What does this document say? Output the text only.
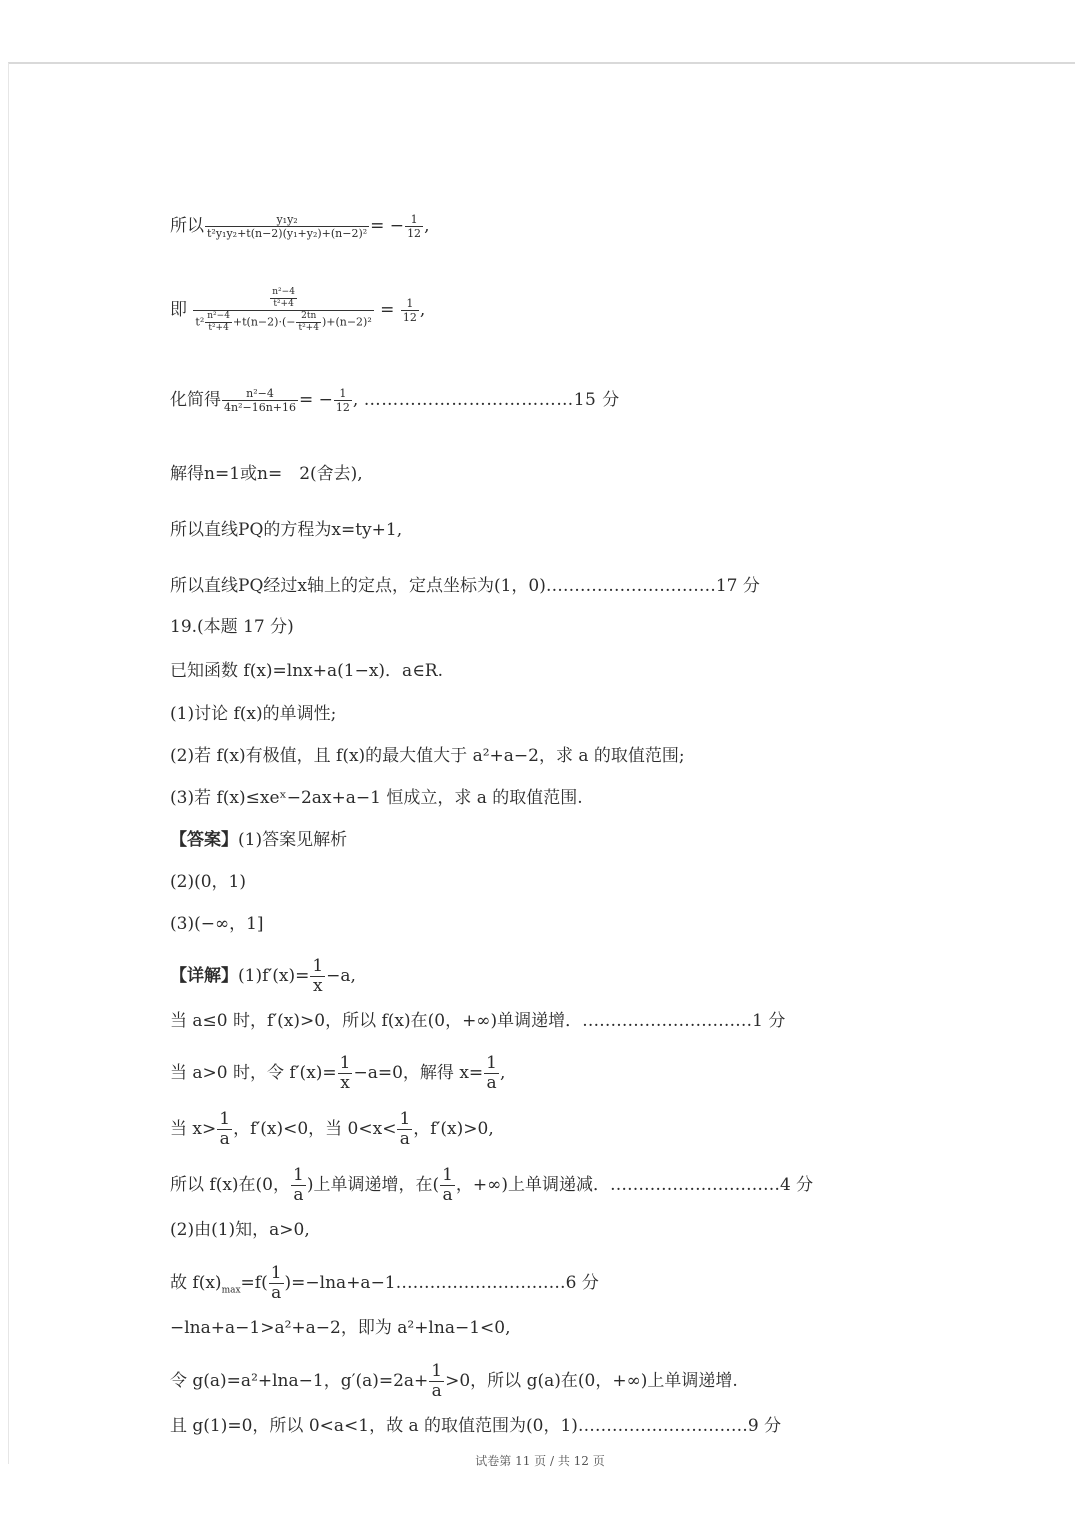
所以 $\frac{\text{y₁y₂}}{\text{t²y₁y₂+t(n−2)(y₁+y₂)+(n−2)²}}$ = − $\frac{1}{12}$ ,
即 $\frac{\frac{\text{n²−4}}{\text{t²+4}}}{t^2 \frac{\text{n²−4}}{\text{t²+4}} +t(n-2)\cdot(- \frac{2tn}{\text{t²+4}} )+(n-2)^2} = \frac{1}{12}$ ,
化简得 $\frac{\text{n²−4}}{\text{4n²−16n+16}}$ = − $\frac{1}{12}$ , ………………………………15 分
解得n=1或n=　2(舍去),
所以直线PQ的方程为x=ty+1,
所以直线PQ经过x轴上的定点，定点坐标为(1，0)…………………………17 分
19.(本题 17 分)
已知函数 f(x)=lnx+a(1−x)．a∈R.
(1)讨论 f(x)的单调性;
(2)若 f(x)有极值，且 f(x)的最大值大于 a²+a−2，求 a 的取值范围;
(3)若 f(x)≤xeˣ−2ax+a−1 恒成立，求 a 的取值范围.
【答案】(1)答案见解析
(2)(0，1)
(3)(−∞，1]
【详解】$(1)f'(x)= \frac{1}{x} -a$,
当 a≤0 时，f′(x)>0，所以 f(x)在(0，+∞)单调递增．…………………………1 分
当 a>0 时，令 $f'(x)= \frac{1}{x} -a=0$，解得 $x= \frac{1}{a}$ ,
当 $x> \frac{1}{a}$ ，f′(x)<0，当 $0<x< \frac{1}{a}$ ，f′(x)>0,
所以 f(x)在(0， $\frac{1}{a}$ )上单调递增，在( $\frac{1}{a}$ ，+∞)上单调递减．…………………………4 分
(2)由(1)知，a>0,
故 $f(x)_{max}=f( \frac{1}{a}$ )=−lna+a−1…………………………6 分
−lna+a−1>a²+a−2，即为 a²+lna−1<0,
令 g(a)=a²+lna−1，$g'(a)=2a+ \frac{1}{a} >0$，所以 g(a)在(0，+∞)上单调递增.
且 g(1)=0，所以 0<a<1，故 a 的取值范围为(0，1)…………………………9 分
试卷第 11 页 / 共 12 页
